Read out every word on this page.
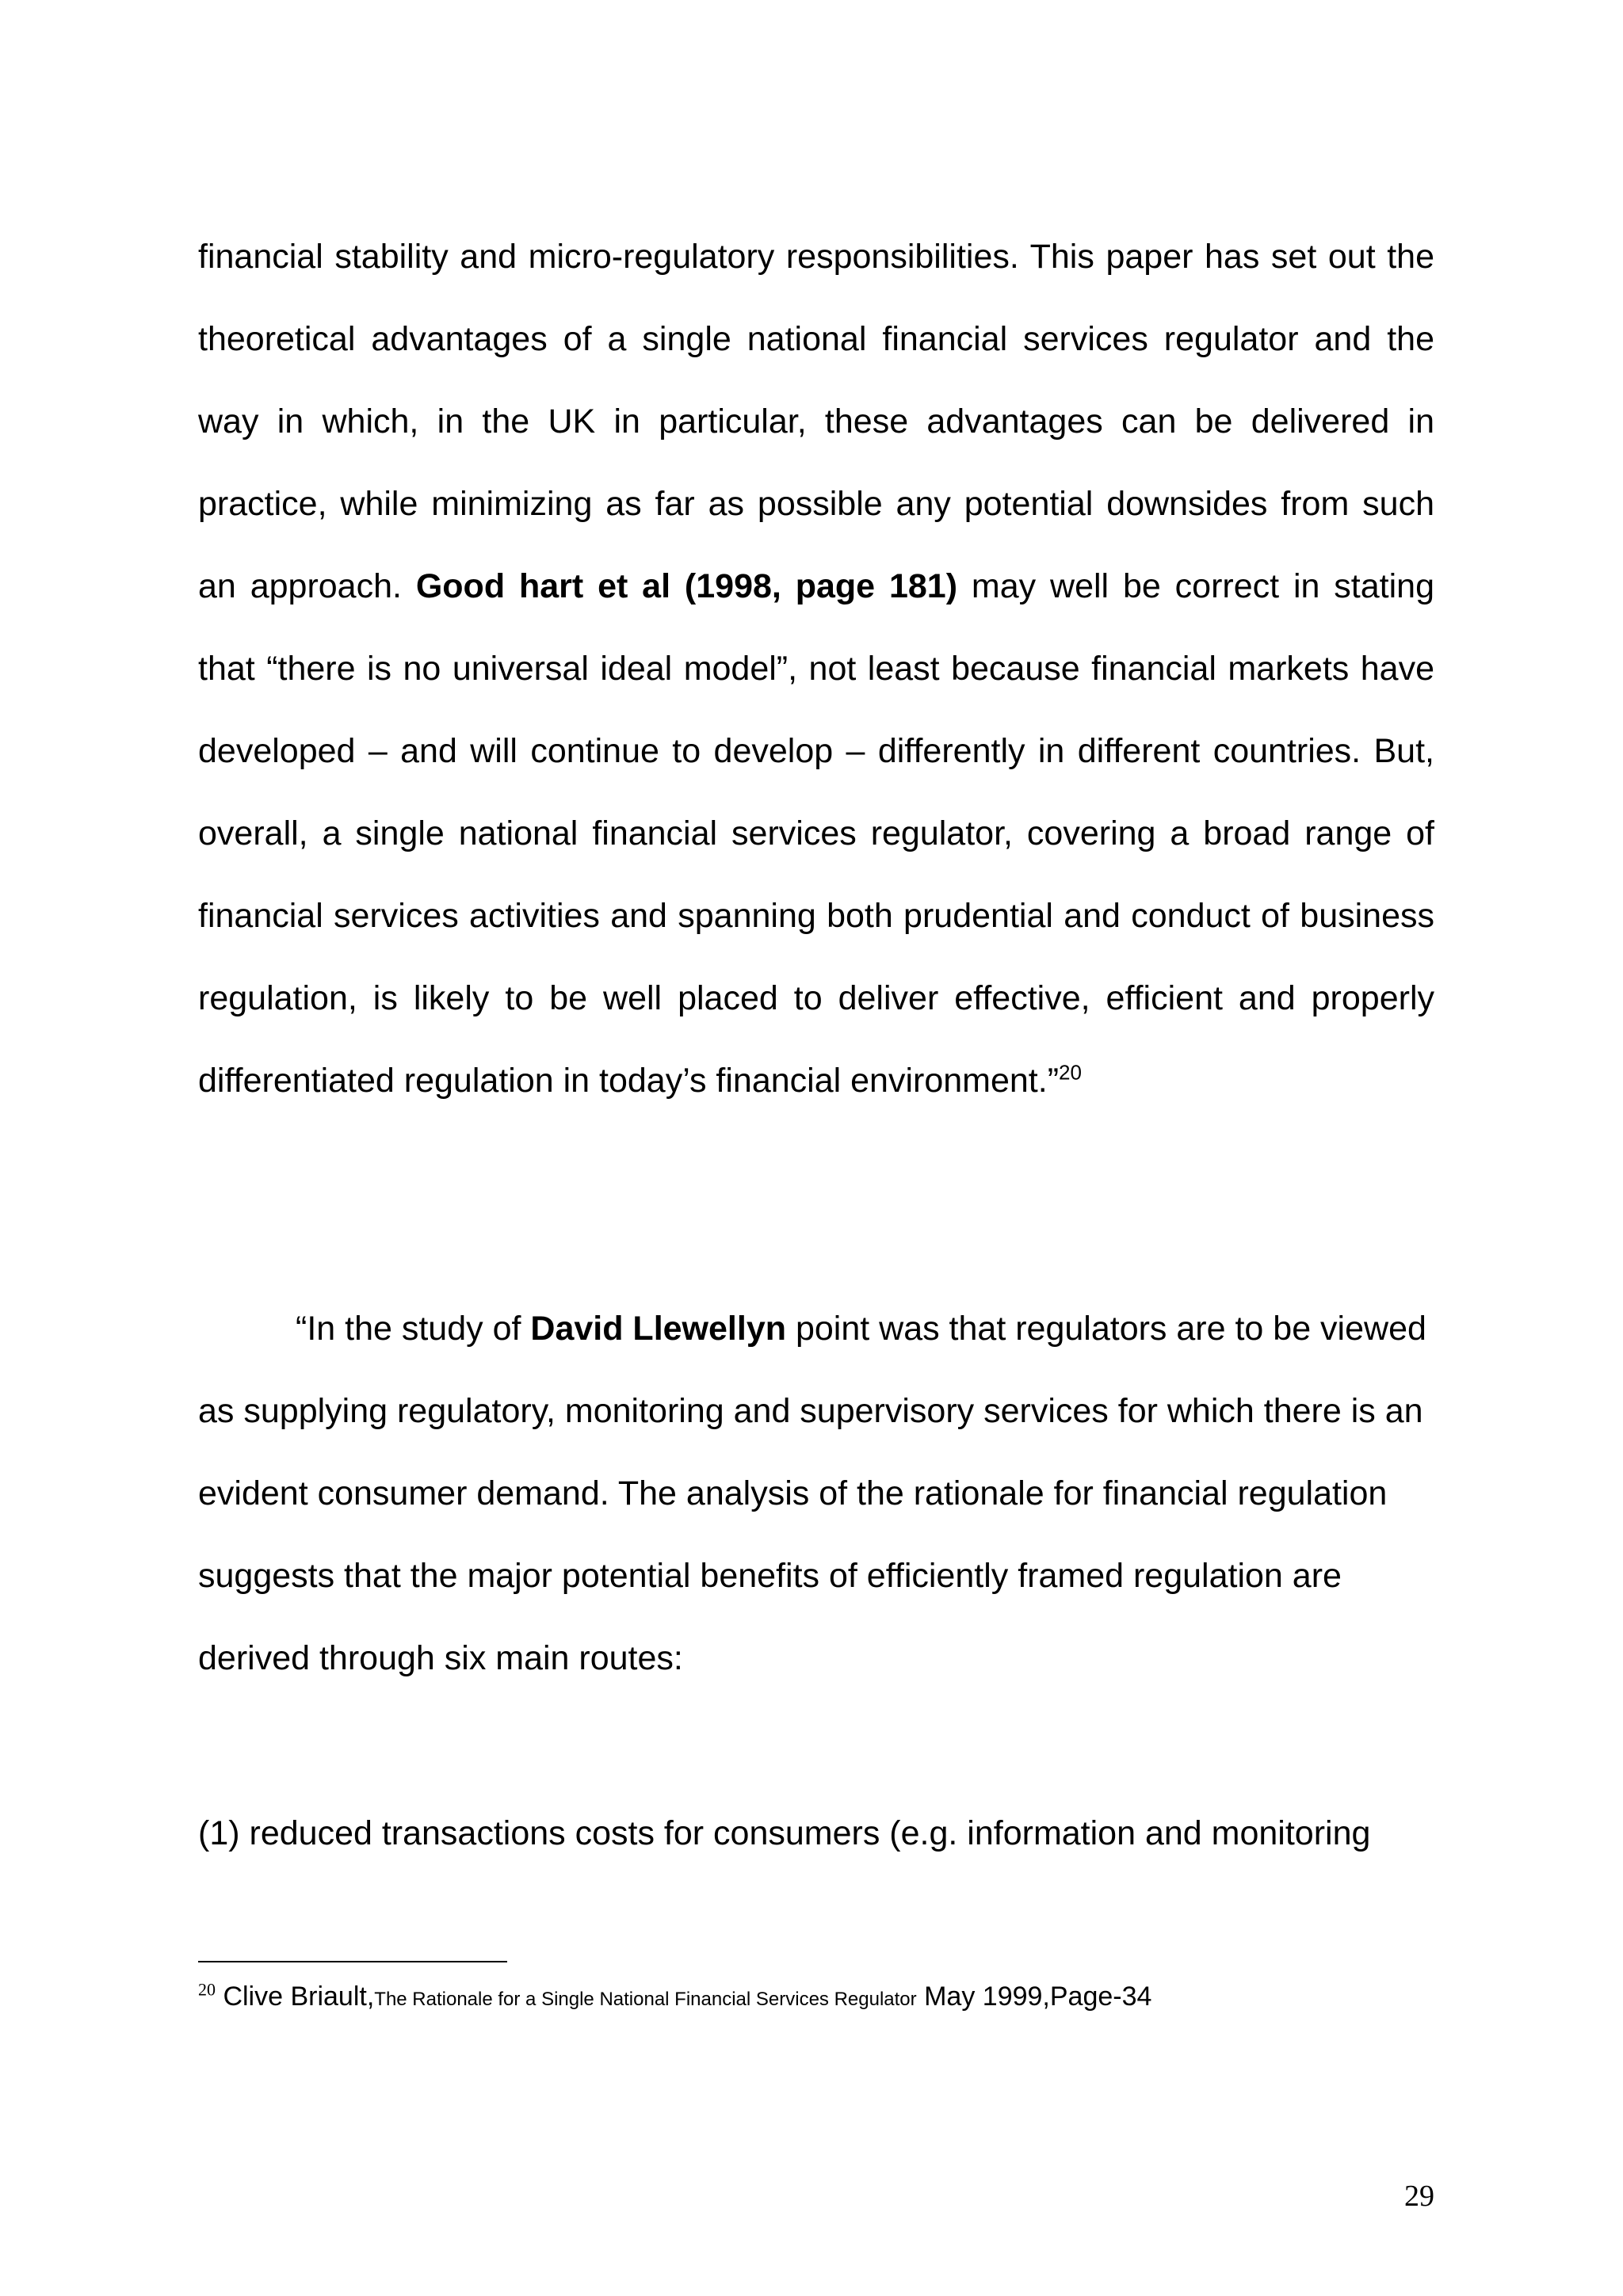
financial stability and micro-regulatory responsibilities. This paper has set out the theoretical advantages of a single national financial services regulator and the way in which, in the UK in particular, these advantages can be delivered in practice, while minimizing as far as possible any potential downsides from such an approach. Good hart et al (1998, page 181) may well be correct in stating that “there is no universal ideal model”, not least because financial markets have developed – and will continue to develop – differently in different countries. But, overall, a single national financial services regulator, covering a broad range of financial services activities and spanning both prudential and conduct of business regulation, is likely to be well placed to deliver effective, efficient and properly differentiated regulation in today’s financial environment.”$^{20}$

“In the study of David Llewellyn point was that regulators are to be viewed as supplying regulatory, monitoring and supervisory services for which there is an evident consumer demand. The analysis of the rationale for financial regulation suggests that the major potential benefits of efficiently framed regulation are derived through six main routes:

(1) reduced transactions costs for consumers (e.g. information and monitoring

$^{20}$ Clive Briault,The Rationale for a Single National Financial Services Regulator May 1999,Page-34
29
